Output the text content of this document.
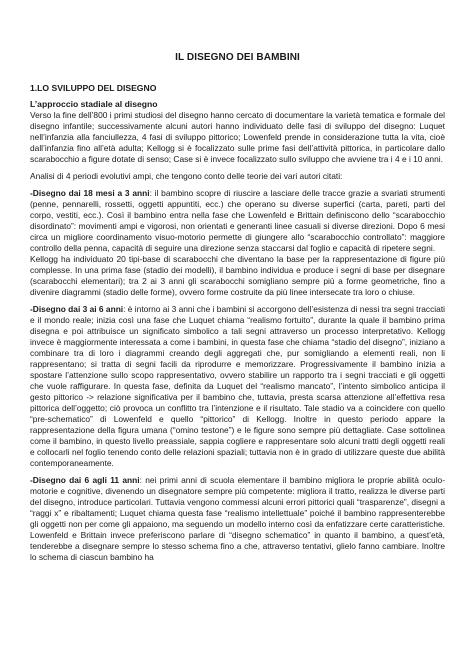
IL DISEGNO DEI BAMBINI
1.LO SVILUPPO DEL DISEGNO
L’approccio stadiale al disegno

Verso la fine dell’800 i primi studiosi del disegno hanno cercato di documentare la varietà tematica e formale del disegno infantile; successivamente alcuni autori hanno individuato delle fasi di sviluppo del disegno: Luquet nell’infanzia alla fanciullezza, 4 fasi di sviluppo pittorico; Lowenfeld prende in considerazione tutta la vita, cioè dall’infanzia fino all’età adulta; Kellogg si è focalizzato sulle prime fasi dell’attività pittorica, in particolare dallo scarabocchio a figure dotate di senso; Case si è invece focalizzato sullo sviluppo che avviene tra i 4 e i 10 anni.

Analisi di 4 periodi evolutivi ampi, che tengono conto delle teorie dei vari autori citati:

-Disegno dai 18 mesi a 3 anni: il bambino scopre di riuscire a lasciare delle tracce grazie a svariati strumenti (penne, pennarelli, rossetti, oggetti appuntiti, ecc.) che operano su diverse superfici (carta, pareti, parti del corpo, vestiti, ecc.). Così il bambino entra nella fase che Lowenfeld e Brittain definiscono dello “scarabocchio disordinato”: movimenti ampi e vigorosi, non orientati e generanti linee casuali si diverse direzioni. Dopo 6 mesi circa un migliore coordinamento visuo-motorio permette di giungere allo “scarabocchio controllato”: maggiore controllo della penna, capacità di seguire una direzione senza staccarsi dal foglio e capacità di ripetere segni.

Kellogg ha individuato 20 tipi-base di scarabocchi che diventano la base per la rappresentazione di figure più complesse. In una prima fase (stadio dei modelli), il bambino individua e produce i segni di base per disegnare (scarabocchi elementari); tra 2 ai 3 anni gli scarabocchi somigliano sempre più a forme geometriche, fino a divenire diagrammi (stadio delle forme), ovvero forme costruite da più linee intersecate tra loro o chiuse.

-Disegno dai 3 ai 6 anni: è intorno ai 3 anni che i bambini si accorgono dell’esistenza di nessi tra segni tracciati e il mondo reale; inizia così una fase che Luquet chiama “realismo fortuito”, durante la quale il bambino prima disegna e poi attribuisce un significato simbolico a tali segni attraverso un processo interpretativo. Kellogg invece è maggiormente interessata a come i bambini, in questa fase che chiama “stadio del disegno”, iniziano a combinare tra di loro i diagrammi creando degli aggregati che, pur somigliando a elementi reali, non li rappresentano; si tratta di segni facili da riprodurre e memorizzare. Progressivamente il bambino inizia a spostare l’attenzione sullo scopo rappresentativo, ovvero stabilire un rapporto tra i segni tracciati e gli oggetti che vuole raffigurare. In questa fase, definita da Luquet del “realismo mancato”, l’intento simbolico anticipa il gesto pittorico -> relazione significativa per il bambino che, tuttavia, presta scarsa attenzione all’effettiva resa pittorica dell’oggetto; ciò provoca un conflitto tra l’intenzione e il risultato. Tale stadio va a coincidere con quello “pre-schematico” di Lowenfeld e quello “pittorico” di Kellogg. Inoltre in questo periodo appare la rappresentazione della figura umana (“omino testone”) e le figure sono sempre più dettagliate. Case sottolinea come il bambino, in questo livello preassiale, sappia cogliere e rappresentare solo alcuni tratti degli oggetti reali e collocarli nel foglio tenendo conto delle relazioni spaziali; tuttavia non è in grado di utilizzare queste due abilità contemporaneamente.

-Disegno dai 6 agli 11 anni: nei primi anni di scuola elementare il bambino migliora le proprie abilità oculo-motorie e cognitive, divenendo un disegnatore sempre più competente: migliora il tratto, realizza le diverse parti del disegno, introduce particolari. Tuttavia vengono commessi alcuni errori pittorici quali “trasparenze”, disegni a “raggi x” e ribaltamenti; Luquet chiama questa fase “realismo intellettuale” poiché il bambino rappresenterebbe gli oggetti non per come gli appaiono, ma seguendo un modello interno così da enfatizzare certe caratteristiche. Lowenfeld e Brittain invece preferiscono parlare di “disegno schematico” in quanto il bambino, a quest’età, tenderebbe a disegnare sempre lo stesso schema fino a che, attraverso tentativi, glielo fanno cambiare. Inoltre lo schema di ciascun bambino ha
